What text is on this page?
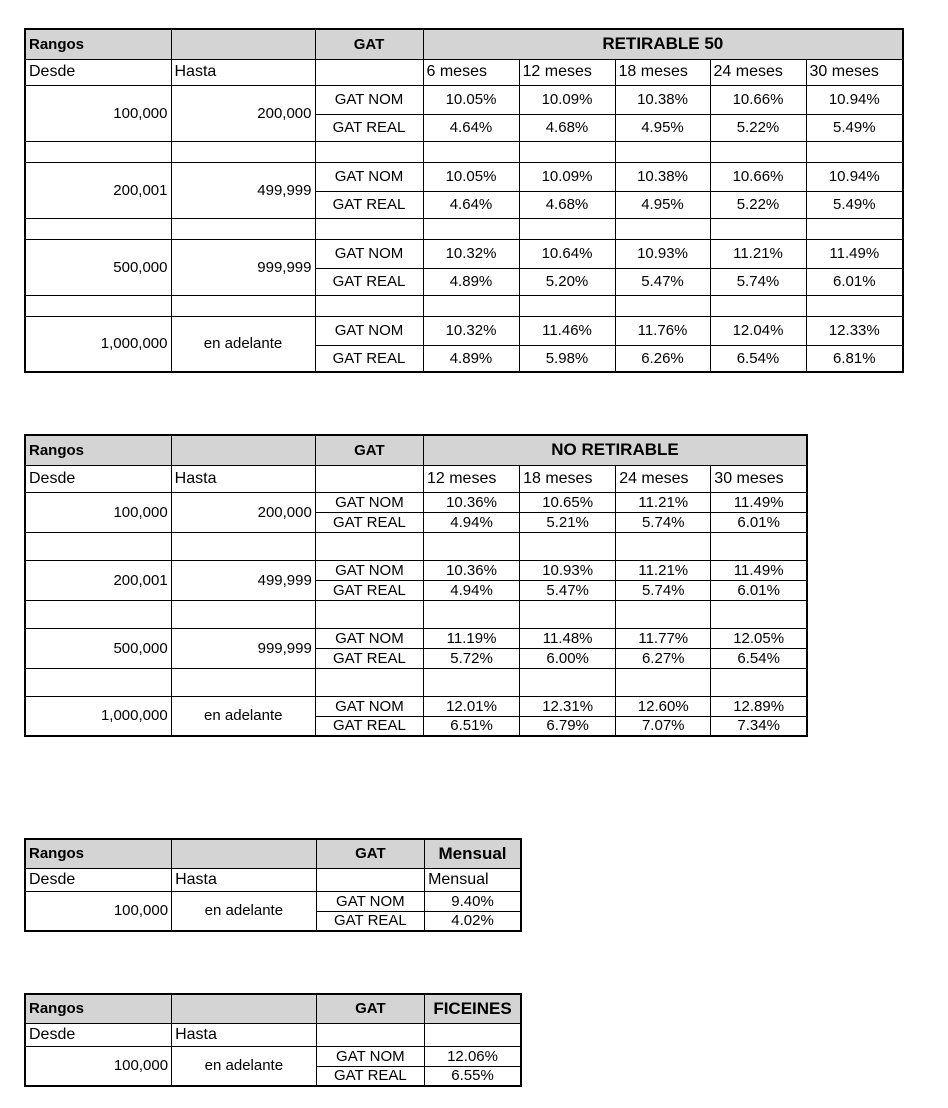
Rangos		GAT	RETIRABLE 50				
Desde	Hasta		6 meses	12 meses	18 meses	24 meses	30 meses
100,000	200,000	GAT NOM	10.05%	10.09%	10.38%	10.66%	10.94%
		GAT REAL	4.64%	4.68%	4.95%	5.22%	5.49%

200,001	499,999	GAT NOM	10.05%	10.09%	10.38%	10.66%	10.94%
		GAT REAL	4.64%	4.68%	4.95%	5.22%	5.49%

500,000	999,999	GAT NOM	10.32%	10.64%	10.93%	11.21%	11.49%
		GAT REAL	4.89%	5.20%	5.47%	5.74%	6.01%

1,000,000	en adelante	GAT NOM	10.32%	11.46%	11.76%	12.04%	12.33%
		GAT REAL	4.89%	5.98%	6.26%	6.54%	6.81%
Rangos		GAT	NO RETIRABLE			
Desde	Hasta		12 meses	18 meses	24 meses	30 meses
100,000	200,000	GAT NOM	10.36%	10.65%	11.21%	11.49%
		GAT REAL	4.94%	5.21%	5.74%	6.01%

200,001	499,999	GAT NOM	10.36%	10.93%	11.21%	11.49%
		GAT REAL	4.94%	5.47%	5.74%	6.01%

500,000	999,999	GAT NOM	11.19%	11.48%	11.77%	12.05%
		GAT REAL	5.72%	6.00%	6.27%	6.54%

1,000,000	en adelante	GAT NOM	12.01%	12.31%	12.60%	12.89%
		GAT REAL	6.51%	6.79%	7.07%	7.34%
Rangos		GAT	Mensual
Desde	Hasta		Mensual
100,000	en adelante	GAT NOM	9.40%
		GAT REAL	4.02%
Rangos		GAT	FICEINES
Desde	Hasta		
100,000	en adelante	GAT NOM	12.06%
		GAT REAL	6.55%
